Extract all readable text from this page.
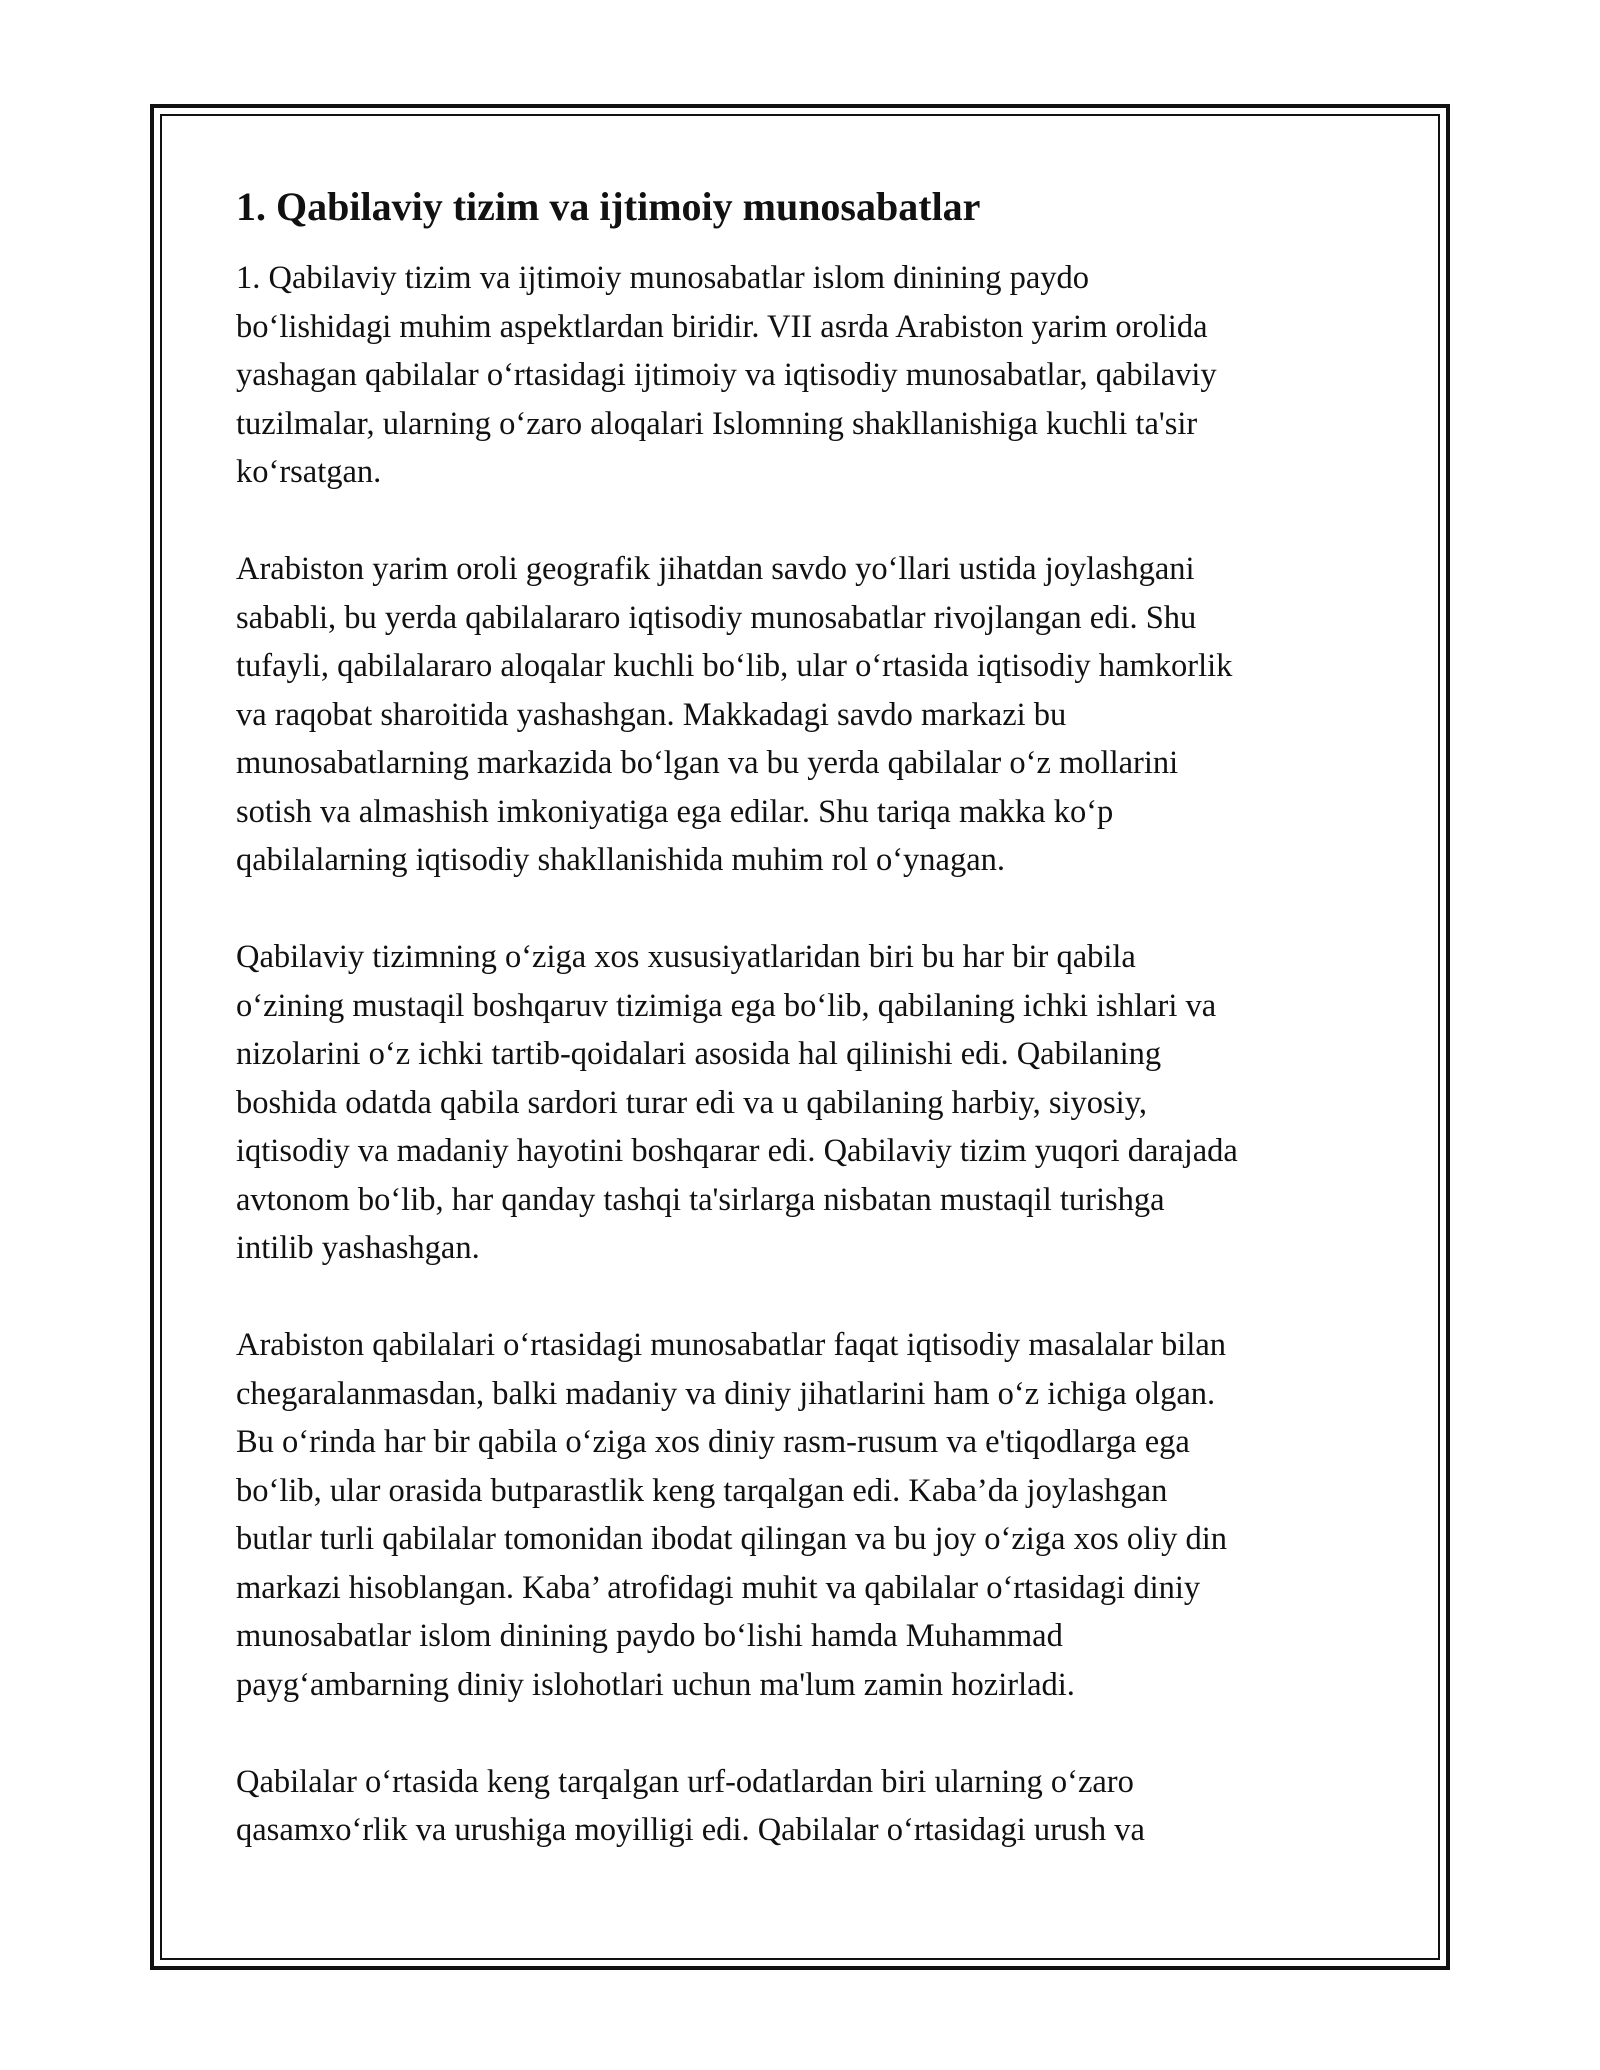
1. Qabilaviy tizim va ijtimoiy munosabatlar
1. Qabilaviy tizim va ijtimoiy munosabatlar islom dinining paydo
bo‘lishidagi muhim aspektlardan biridir. VII asrda Arabiston yarim orolida
yashagan qabilalar o‘rtasidagi ijtimoiy va iqtisodiy munosabatlar, qabilaviy
tuzilmalar, ularning o‘zaro aloqalari Islomning shakllanishiga kuchli ta'sir
ko‘rsatgan.
Arabiston yarim oroli geografik jihatdan savdo yo‘llari ustida joylashgani
sababli, bu yerda qabilalararo iqtisodiy munosabatlar rivojlangan edi. Shu
tufayli, qabilalararo aloqalar kuchli bo‘lib, ular o‘rtasida iqtisodiy hamkorlik
va raqobat sharoitida yashashgan. Makkadagi savdo markazi bu
munosabatlarning markazida bo‘lgan va bu yerda qabilalar o‘z mollarini
sotish va almashish imkoniyatiga ega edilar. Shu tariqa makka ko‘p
qabilalarning iqtisodiy shakllanishida muhim rol o‘ynagan.
Qabilaviy tizimning o‘ziga xos xususiyatlaridan biri bu har bir qabila
o‘zining mustaqil boshqaruv tizimiga ega bo‘lib, qabilaning ichki ishlari va
nizolarini o‘z ichki tartib-qoidalari asosida hal qilinishi edi. Qabilaning
boshida odatda qabila sardori turar edi va u qabilaning harbiy, siyosiy,
iqtisodiy va madaniy hayotini boshqarar edi. Qabilaviy tizim yuqori darajada
avtonom bo‘lib, har qanday tashqi ta'sirlarga nisbatan mustaqil turishga
intilib yashashgan.
Arabiston qabilalari o‘rtasidagi munosabatlar faqat iqtisodiy masalalar bilan
chegaralanmasdan, balki madaniy va diniy jihatlarini ham o‘z ichiga olgan.
Bu o‘rinda har bir qabila o‘ziga xos diniy rasm-rusum va e'tiqodlarga ega
bo‘lib, ular orasida butparastlik keng tarqalgan edi. Kaba’da joylashgan
butlar turli qabilalar tomonidan ibodat qilingan va bu joy o‘ziga xos oliy din
markazi hisoblangan. Kaba’ atrofidagi muhit va qabilalar o‘rtasidagi diniy
munosabatlar islom dinining paydo bo‘lishi hamda Muhammad
payg‘ambarning diniy islohotlari uchun ma'lum zamin hozirladi.
Qabilalar o‘rtasida keng tarqalgan urf-odatlardan biri ularning o‘zaro
qasamxo‘rlik va urushiga moyilligi edi. Qabilalar o‘rtasidagi urush va
